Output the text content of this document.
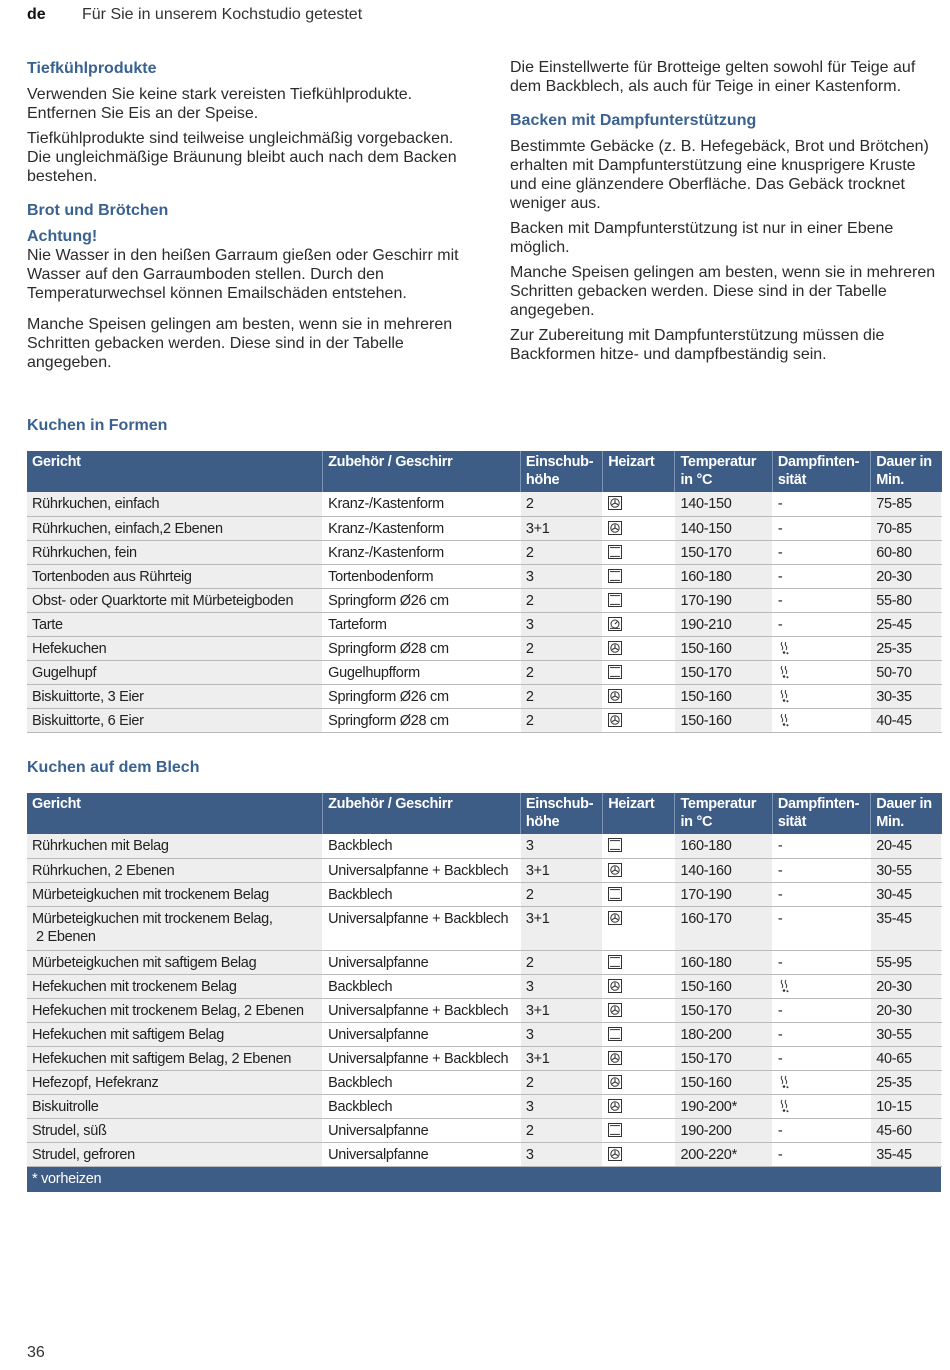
de Für Sie in unserem Kochstudio getestet
Tiefkühlprodukte

Verwenden Sie keine stark vereisten Tiefkühlprodukte. Entfernen Sie Eis an der Speise.

Tiefkühlprodukte sind teilweise ungleichmäßig vorgebacken. Die ungleichmäßige Bräunung bleibt auch nach dem Backen bestehen.

Brot und Brötchen
Achtung!

Nie Wasser in den heißen Garraum gießen oder Geschirr mit Wasser auf den Garraumboden stellen. Durch den Temperaturwechsel können Emailschäden entstehen.

Manche Speisen gelingen am besten, wenn sie in mehreren Schritten gebacken werden. Diese sind in der Tabelle angegeben.

Die Einstellwerte für Brotteige gelten sowohl für Teige auf dem Backblech, als auch für Teige in einer Kastenform.

Backen mit Dampfunterstützung

Bestimmte Gebäcke (z. B. Hefegebäck, Brot und Brötchen) erhalten mit Dampfunterstützung eine knusprigere Kruste und eine glänzendere Oberfläche. Das Gebäck trocknet weniger aus.

Backen mit Dampfunterstützung ist nur in einer Ebene möglich.

Manche Speisen gelingen am besten, wenn sie in mehreren Schritten gebacken werden. Diese sind in der Tabelle angegeben.

Zur Zubereitung mit Dampfunterstützung müssen die Backformen hitze- und dampfbeständig sein.

Kuchen in Formen
Gericht	Zubehör / Geschirr	Einschub-
höhe	Heizart	Temperatur
in °C	Dampfinten-
sität	Dauer in
Min.
Rührkuchen, einfach	Kranz-/Kastenform	2		140-150	-	75-85
Rührkuchen, einfach,2 Ebenen	Kranz-/Kastenform	3+1		140-150	-	70-85
Rührkuchen, fein	Kranz-/Kastenform	2		150-170	-	60-80
Tortenboden aus Rührteig	Tortenbodenform	3		160-180	-	20-30
Obst- oder Quarktorte mit Mürbeteigboden	Springform Ø26 cm	2		170-190	-	55-80
Tarte	Tarteform	3		190-210	-	25-45
Hefekuchen	Springform Ø28 cm	2		150-160		25-35
Gugelhupf	Gugelhupfform	2		150-170		50-70
Biskuittorte, 3 Eier	Springform Ø26 cm	2		150-160		30-35
Biskuittorte, 6 Eier	Springform Ø28 cm	2		150-160		40-45
Kuchen auf dem Blech
Gericht	Zubehör / Geschirr	Einschub-
höhe	Heizart	Temperatur
in °C	Dampfinten-
sität	Dauer in
Min.
Rührkuchen mit Belag	Backblech	3		160-180	-	20-45
Rührkuchen, 2 Ebenen	Universalpfanne + Backblech	3+1		140-160	-	30-55
Mürbeteigkuchen mit trockenem Belag	Backblech	2		170-190	-	30-45
Mürbeteigkuchen mit trockenem Belag,
2 Ebenen	Universalpfanne + Backblech	3+1		160-170	-	35-45
Mürbeteigkuchen mit saftigem Belag	Universalpfanne	2		160-180	-	55-95
Hefekuchen mit trockenem Belag	Backblech	3		150-160		20-30
Hefekuchen mit trockenem Belag, 2 Ebenen	Universalpfanne + Backblech	3+1		150-170	-	20-30
Hefekuchen mit saftigem Belag	Universalpfanne	3		180-200	-	30-55
Hefekuchen mit saftigem Belag, 2 Ebenen	Universalpfanne + Backblech	3+1		150-170	-	40-65
Hefezopf, Hefekranz	Backblech	2		150-160		25-35
Biskuitrolle	Backblech	3		190-200*		10-15
Strudel, süß	Universalpfanne	2		190-200	-	45-60
Strudel, gefroren	Universalpfanne	3		200-220*	-	35-45
* vorheizen						
36
